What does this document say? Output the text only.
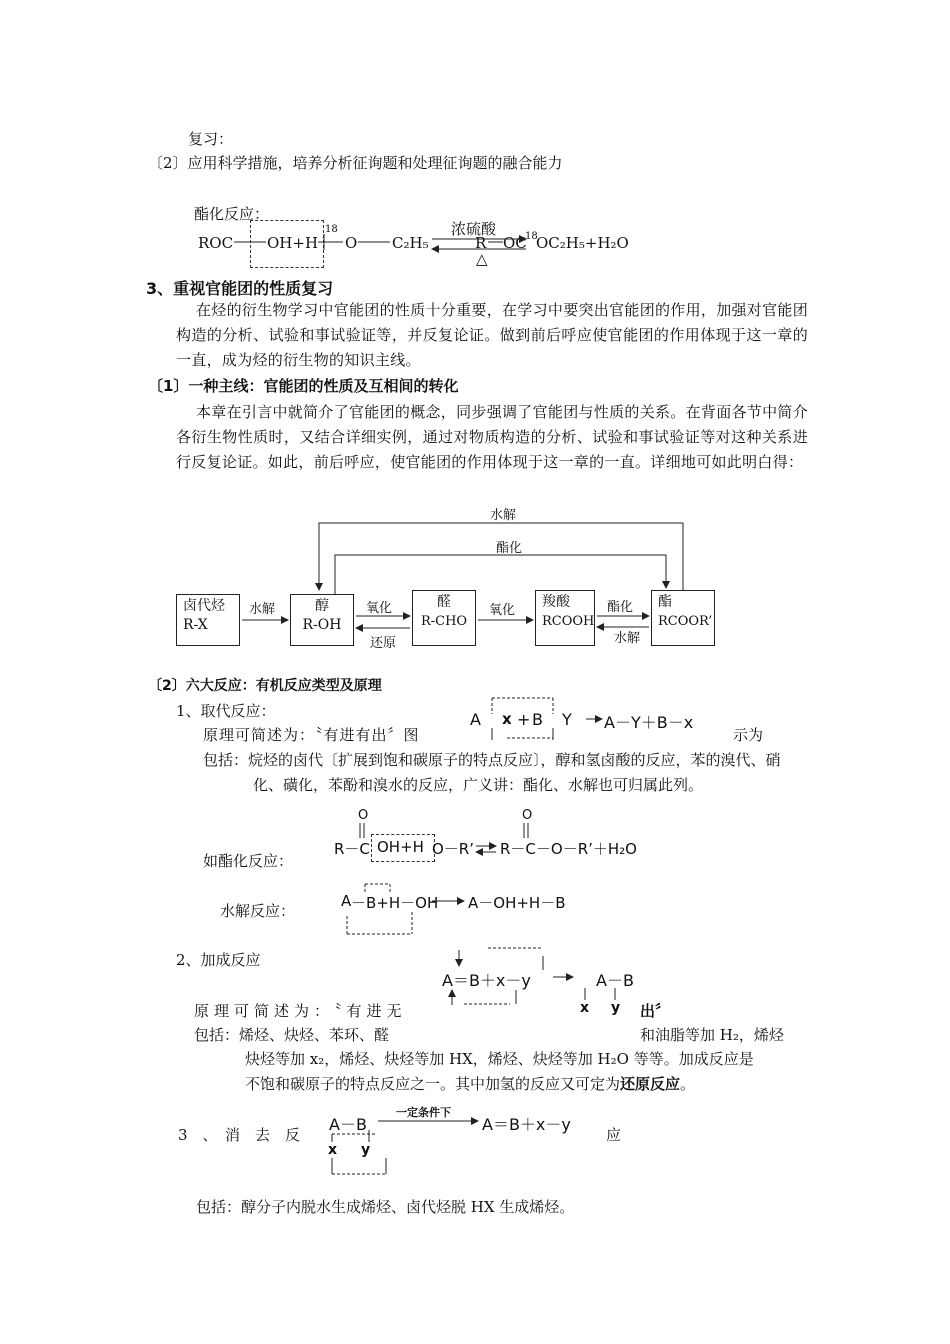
复习：
〔2〕应用科学措施，培养分析征询题和处理征询题的融合能力
酯化反应：
ROC OH+H
18
O C₂H₅
浓硫酸
△
R OC
18
OC₂H₅+H₂O
3、重视官能团的性质复习
在烃的衍生物学习中官能团的性质十分重要，在学习中要突出官能团的作用，加强对官能团构造的分析、试验和事试验证等，并反复论证。做到前后呼应使官能团的作用体现于这一章的一直，成为烃的衍生物的知识主线。
〔1〕一种主线：官能团的性质及互相间的转化
本章在引言中就简介了官能团的概念，同步强调了官能团与性质的关系。在背面各节中简介各衍生物性质时，又结合详细实例，通过对物质构造的分析、试验和事试验证等对这种关系进行反复论证。如此，前后呼应，使官能团的作用体现于这一章的一直。详细地可如此明白得：
水解
酯化
卤代烃
R-X
醇
R-OH
醛
R-CHO
羧酸
RCOOH
酯
RCOOR’
水解	氧化
还原
氧化	酯化
水解
〔2〕六大反应：有机反应类型及原理
1、取代反应：
原理可简述为：〝有进有出〞图
A x + B Y A－Y＋B－x
示为
包括：烷烃的卤代〔扩展到饱和碳原子的特点反应〕，醇和氢卤酸的反应，苯的溴代、硝化、磺化，苯酚和溴水的反应，广义讲：酯化、水解也可归属此列。
O	O
如酯化反应：
R－C OH+H O－R’ R－C－O－R’＋H₂O
水解反应：
A －B+H－OH A－OH+H－B
2、加成反应
A＝B＋x－y	A－B
x y
原理可简述为：〝有进无	出〞
包括：烯烃、炔烃、苯环、醛	和油脂等加 H₂，烯烃
炔烃等加 x₂，烯烃、炔烃等加 HX，烯烃、炔烃等加 H₂O 等等。加成反应是
不饱和碳原子的特点反应之一。其中加氢的反应又可定为还原反应。
3　、　消　去　反	应
A－B
x y
一定条件下
A＝B＋x－y
包括：醇分子内脱水生成烯烃、卤代烃脱 HX 生成烯烃。
